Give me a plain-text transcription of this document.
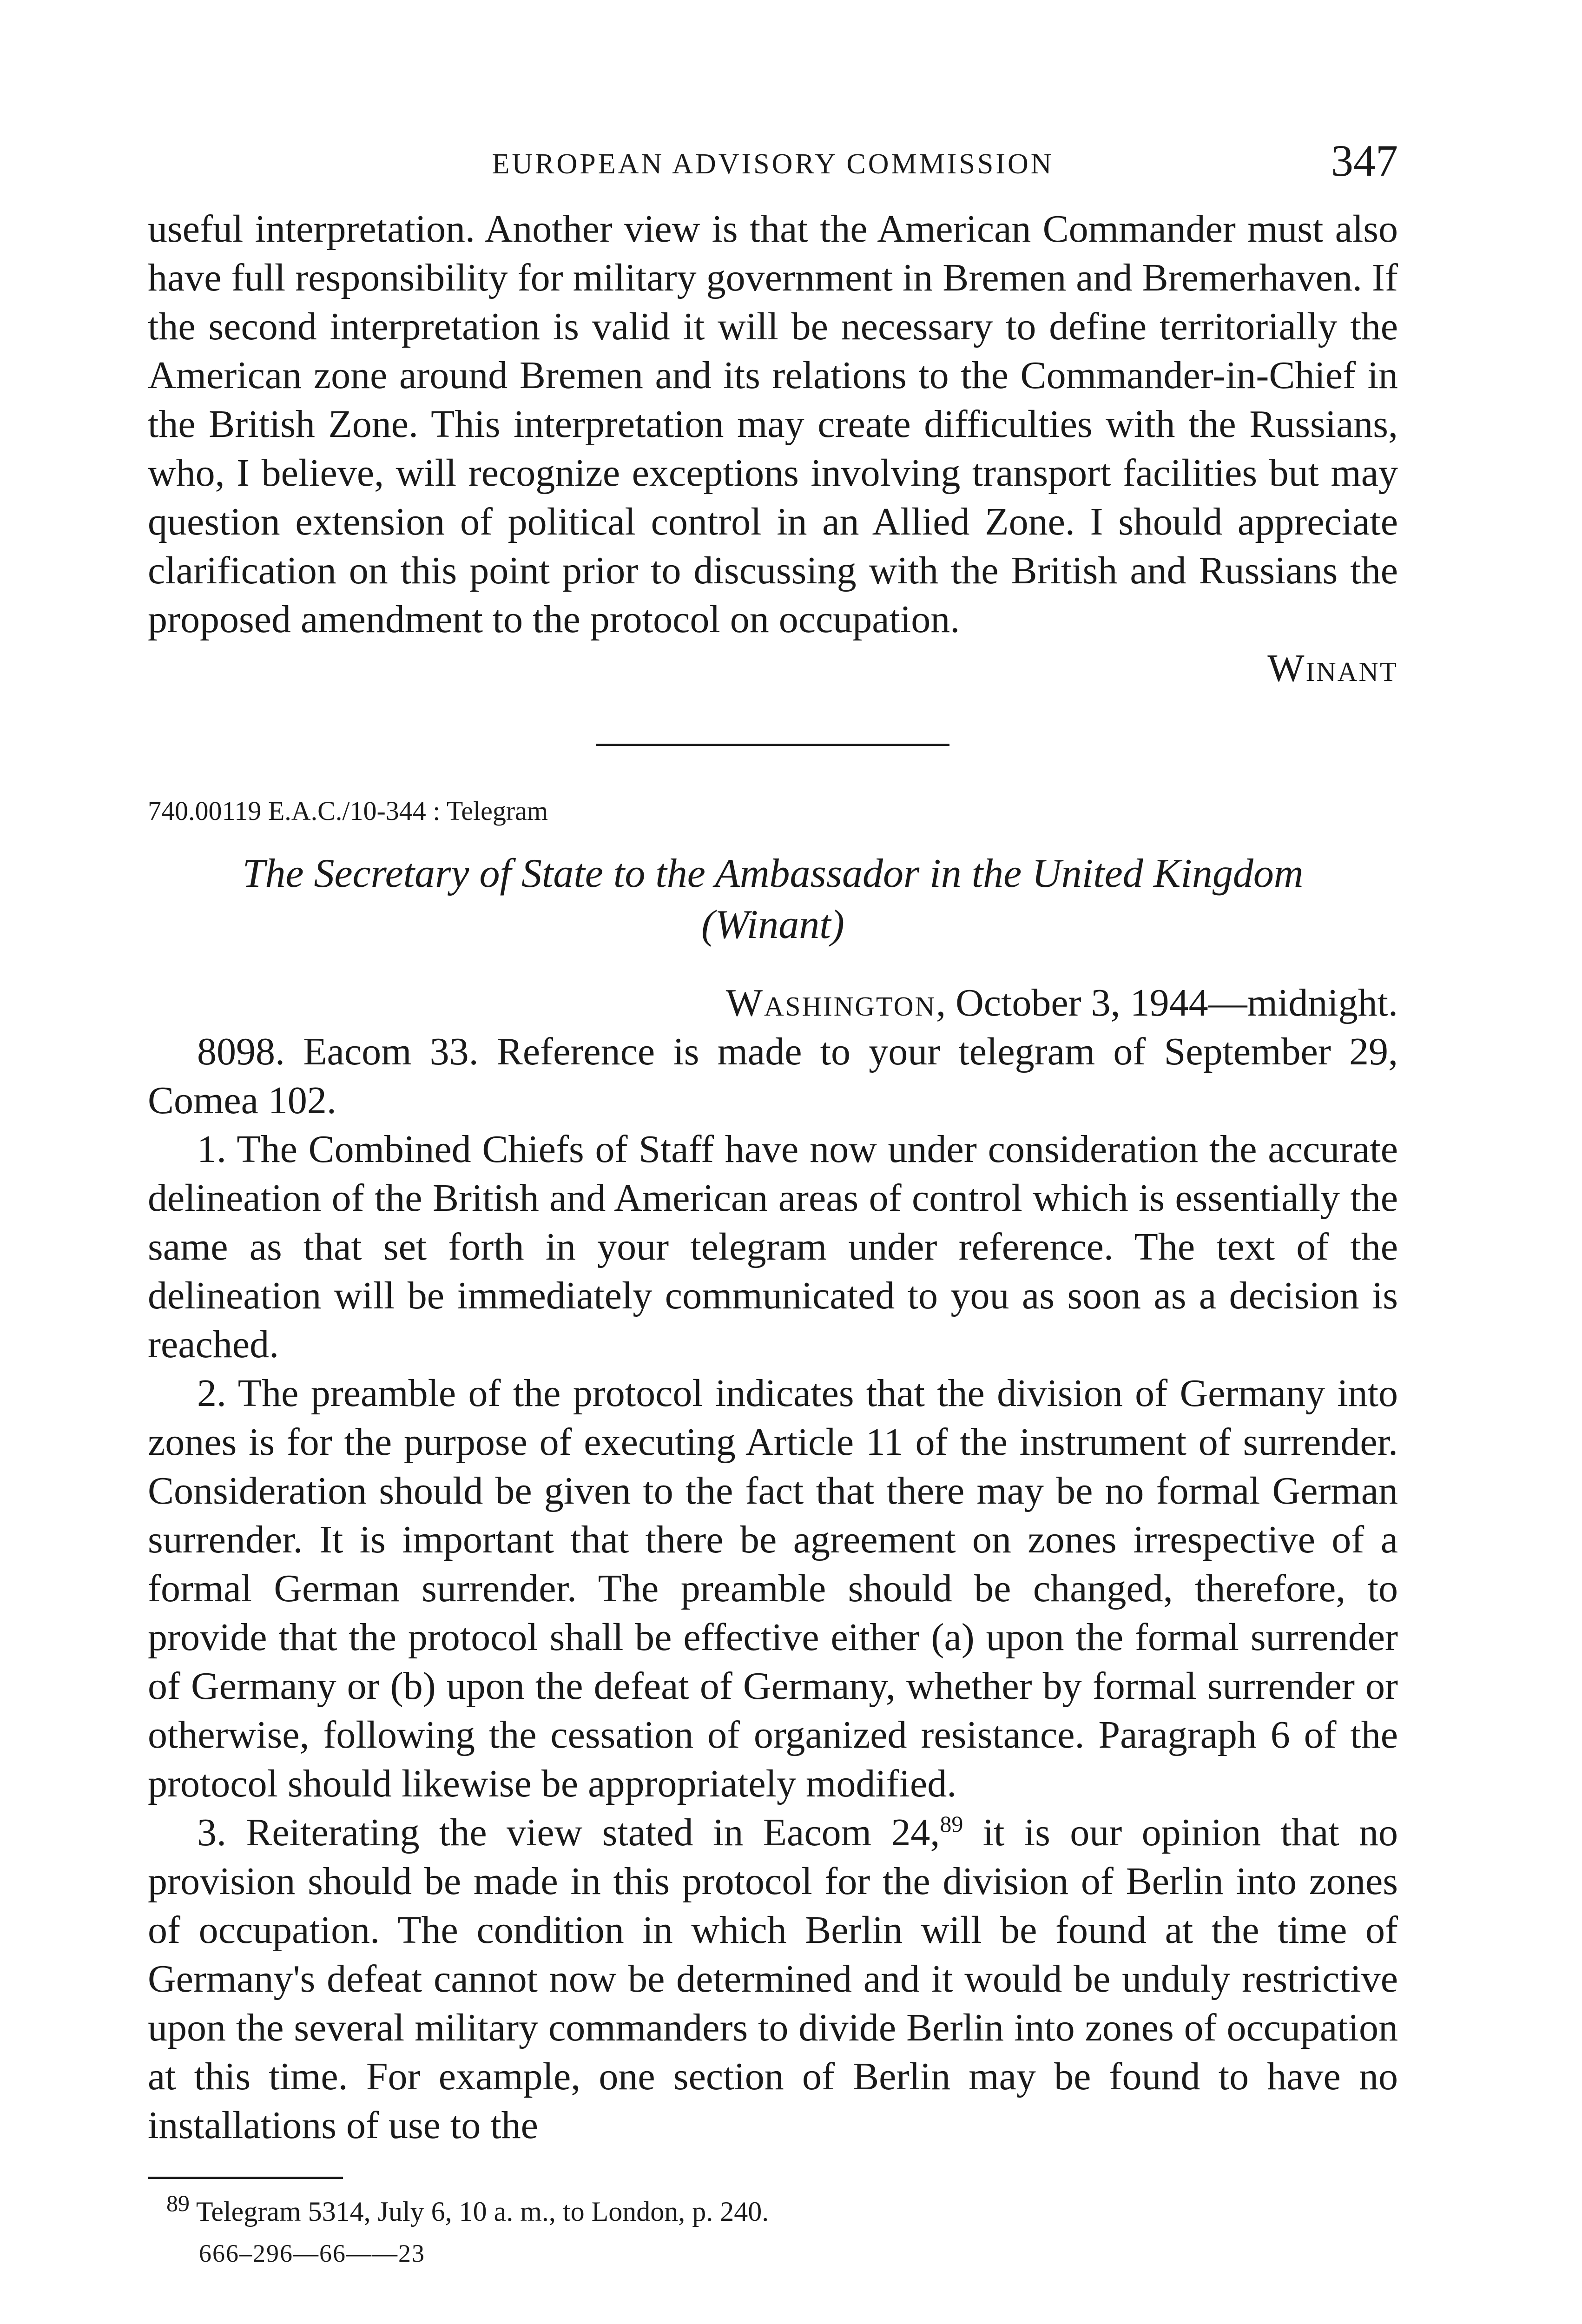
EUROPEAN ADVISORY COMMISSION	347

useful interpretation. Another view is that the American Commander must also have full responsibility for military government in Bremen and Bremerhaven. If the second interpretation is valid it will be necessary to define territorially the American zone around Bremen and its relations to the Commander-in-Chief in the British Zone. This interpretation may create difficulties with the Russians, who, I believe, will recognize exceptions involving transport facilities but may question extension of political control in an Allied Zone. I should appreciate clarification on this point prior to discussing with the British and Russians the proposed amendment to the protocol on occupation.

Winant

740.00119 E.A.C./10-344 : Telegram

The Secretary of State to the Ambassador in the United Kingdom
(Winant)

Washington, October 3, 1944—midnight.

8098. Eacom 33. Reference is made to your telegram of September 29, Comea 102.

1. The Combined Chiefs of Staff have now under consideration the accurate delineation of the British and American areas of control which is essentially the same as that set forth in your telegram under reference. The text of the delineation will be immediately communicated to you as soon as a decision is reached.

2. The preamble of the protocol indicates that the division of Germany into zones is for the purpose of executing Article 11 of the instrument of surrender. Consideration should be given to the fact that there may be no formal German surrender. It is important that there be agreement on zones irrespective of a formal German surrender. The preamble should be changed, therefore, to provide that the protocol shall be effective either (a) upon the formal surrender of Germany or (b) upon the defeat of Germany, whether by formal surrender or otherwise, following the cessation of organized resistance. Paragraph 6 of the protocol should likewise be appropriately modified.

3. Reiterating the view stated in Eacom 24,89 it is our opinion that no provision should be made in this protocol for the division of Berlin into zones of occupation. The condition in which Berlin will be found at the time of Germany's defeat cannot now be determined and it would be unduly restrictive upon the several military commanders to divide Berlin into zones of occupation at this time. For example, one section of Berlin may be found to have no installations of use to the

$^{89}$ Telegram 5314, July 6, 10 a. m., to London, p. 240.

666–296—66——23
